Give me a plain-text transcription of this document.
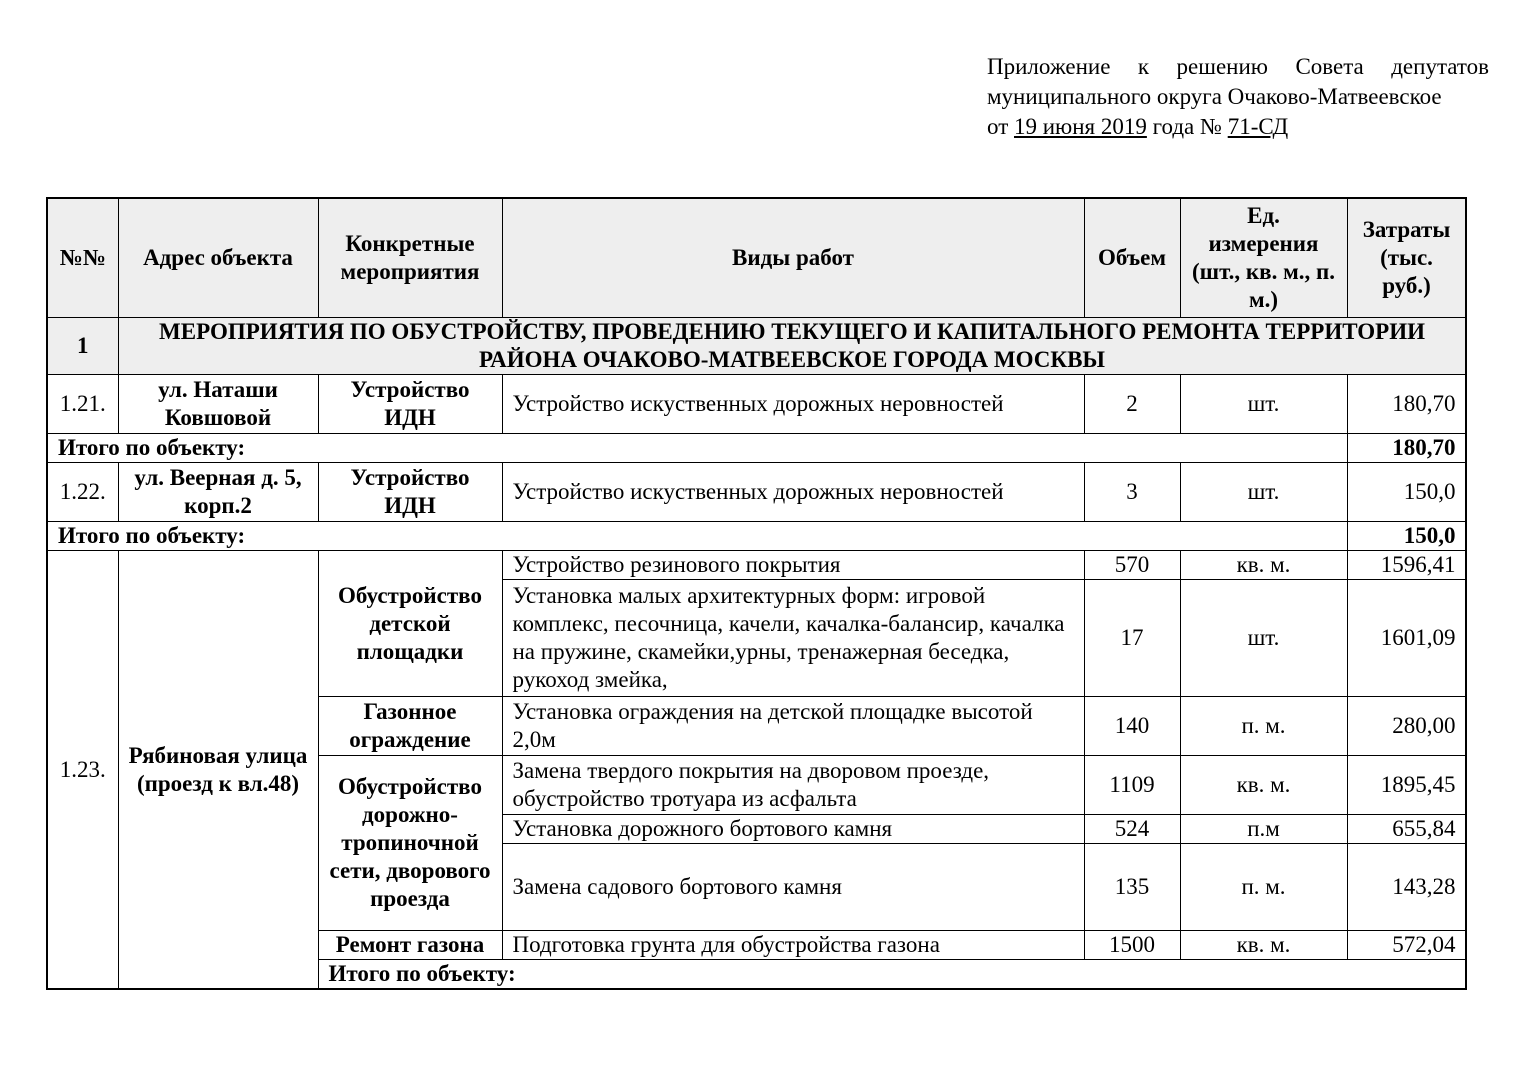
Приложение к решению Совета депутатов
муниципального округа Очаково-Матвеевское
от 19 июня 2019 года № 71-СД
№№	Адрес объекта	Конкретные мероприятия	Виды работ	Объем	Ед. измерения (шт., кв. м., п. м.)	Затраты (тыс. руб.)	
1	МЕРОПРИЯТИЯ ПО ОБУСТРОЙСТВУ, ПРОВЕДЕНИЮ ТЕКУЩЕГО И КАПИТАЛЬНОГО РЕМОНТА ТЕРРИТОРИИ РАЙОНА ОЧАКОВО-МАТВЕЕВСКОЕ ГОРОДА МОСКВЫ						
1.21.	ул. Наташи Ковшовой	Устройство ИДН	Устройство искуственных дорожных неровностей	2	шт.	180,70	
Итого по объекту:						180,70	
1.22.	ул. Веерная д. 5, корп.2	Устройство ИДН	Устройство искуственных дорожных неровностей	3	шт.	150,0	
Итого по объекту:						150,0	
1.23.	Рябиновая улица (проезд к вл.48)	Обустройство детской площадки	Устройство резинового покрытия	570	кв. м.	1596,41	
			Установка малых архитектурных форм: игровой комплекс, песочница, качели, качалка-балансир, качалка на пружине, скамейки,урны, тренажерная беседка, рукоход змейка,	17	шт.	1601,09	
		Газонное ограждение	Установка ограждения на детской площадке высотой 2,0м	140	п. м.	280,00	
		Обустройство дорожно-тропиночной сети, дворового проезда	Замена твердого покрытия на дворовом проезде, обустройство тротуара из асфальта	1109	кв. м.	1895,45	
			Установка дорожного бортового камня	524	п.м	655,84	
			Замена садового бортового камня	135	п. м.	143,28	
		Ремонт газона	Подготовка грунта для обустройства газона	1500	кв. м.	572,04	
		Итого по объекту:	
